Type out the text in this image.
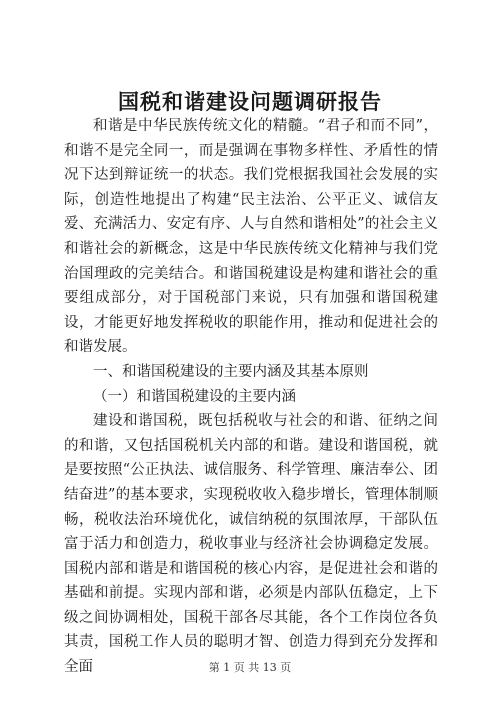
国税和谐建设问题调研报告

和谐是中华民族传统文化的精髓。“君子和而不同”，和谐不是完全同一，而是强调在事物多样性、矛盾性的情况下达到辩证统一的状态。我们党根据我国社会发展的实际，创造性地提出了构建“民主法治、公平正义、诚信友爱、充满活力、安定有序、人与自然和谐相处”的社会主义和谐社会的新概念，这是中华民族传统文化精神与我们党治国理政的完美结合。和谐国税建设是构建和谐社会的重要组成部分，对于国税部门来说，只有加强和谐国税建设，才能更好地发挥税收的职能作用，推动和促进社会的和谐发展。

一、和谐国税建设的主要内涵及其基本原则

（一）和谐国税建设的主要内涵

建设和谐国税，既包括税收与社会的和谐、征纳之间的和谐，又包括国税机关内部的和谐。建设和谐国税，就是要按照“公正执法、诚信服务、科学管理、廉洁奉公、团结奋进”的基本要求，实现税收收入稳步增长，管理体制顺畅，税收法治环境优化，诚信纳税的氛围浓厚，干部队伍富于活力和创造力，税收事业与经济社会协调稳定发展。国税内部和谐是和谐国税的核心内容，是促进社会和谐的基础和前提。实现内部和谐，必须是内部队伍稳定，上下级之间协调相处，国税干部各尽其能，各个工作岗位各负其责，国税工作人员的聪明才智、创造力得到充分发挥和全面	第 1 页 共 13 页
